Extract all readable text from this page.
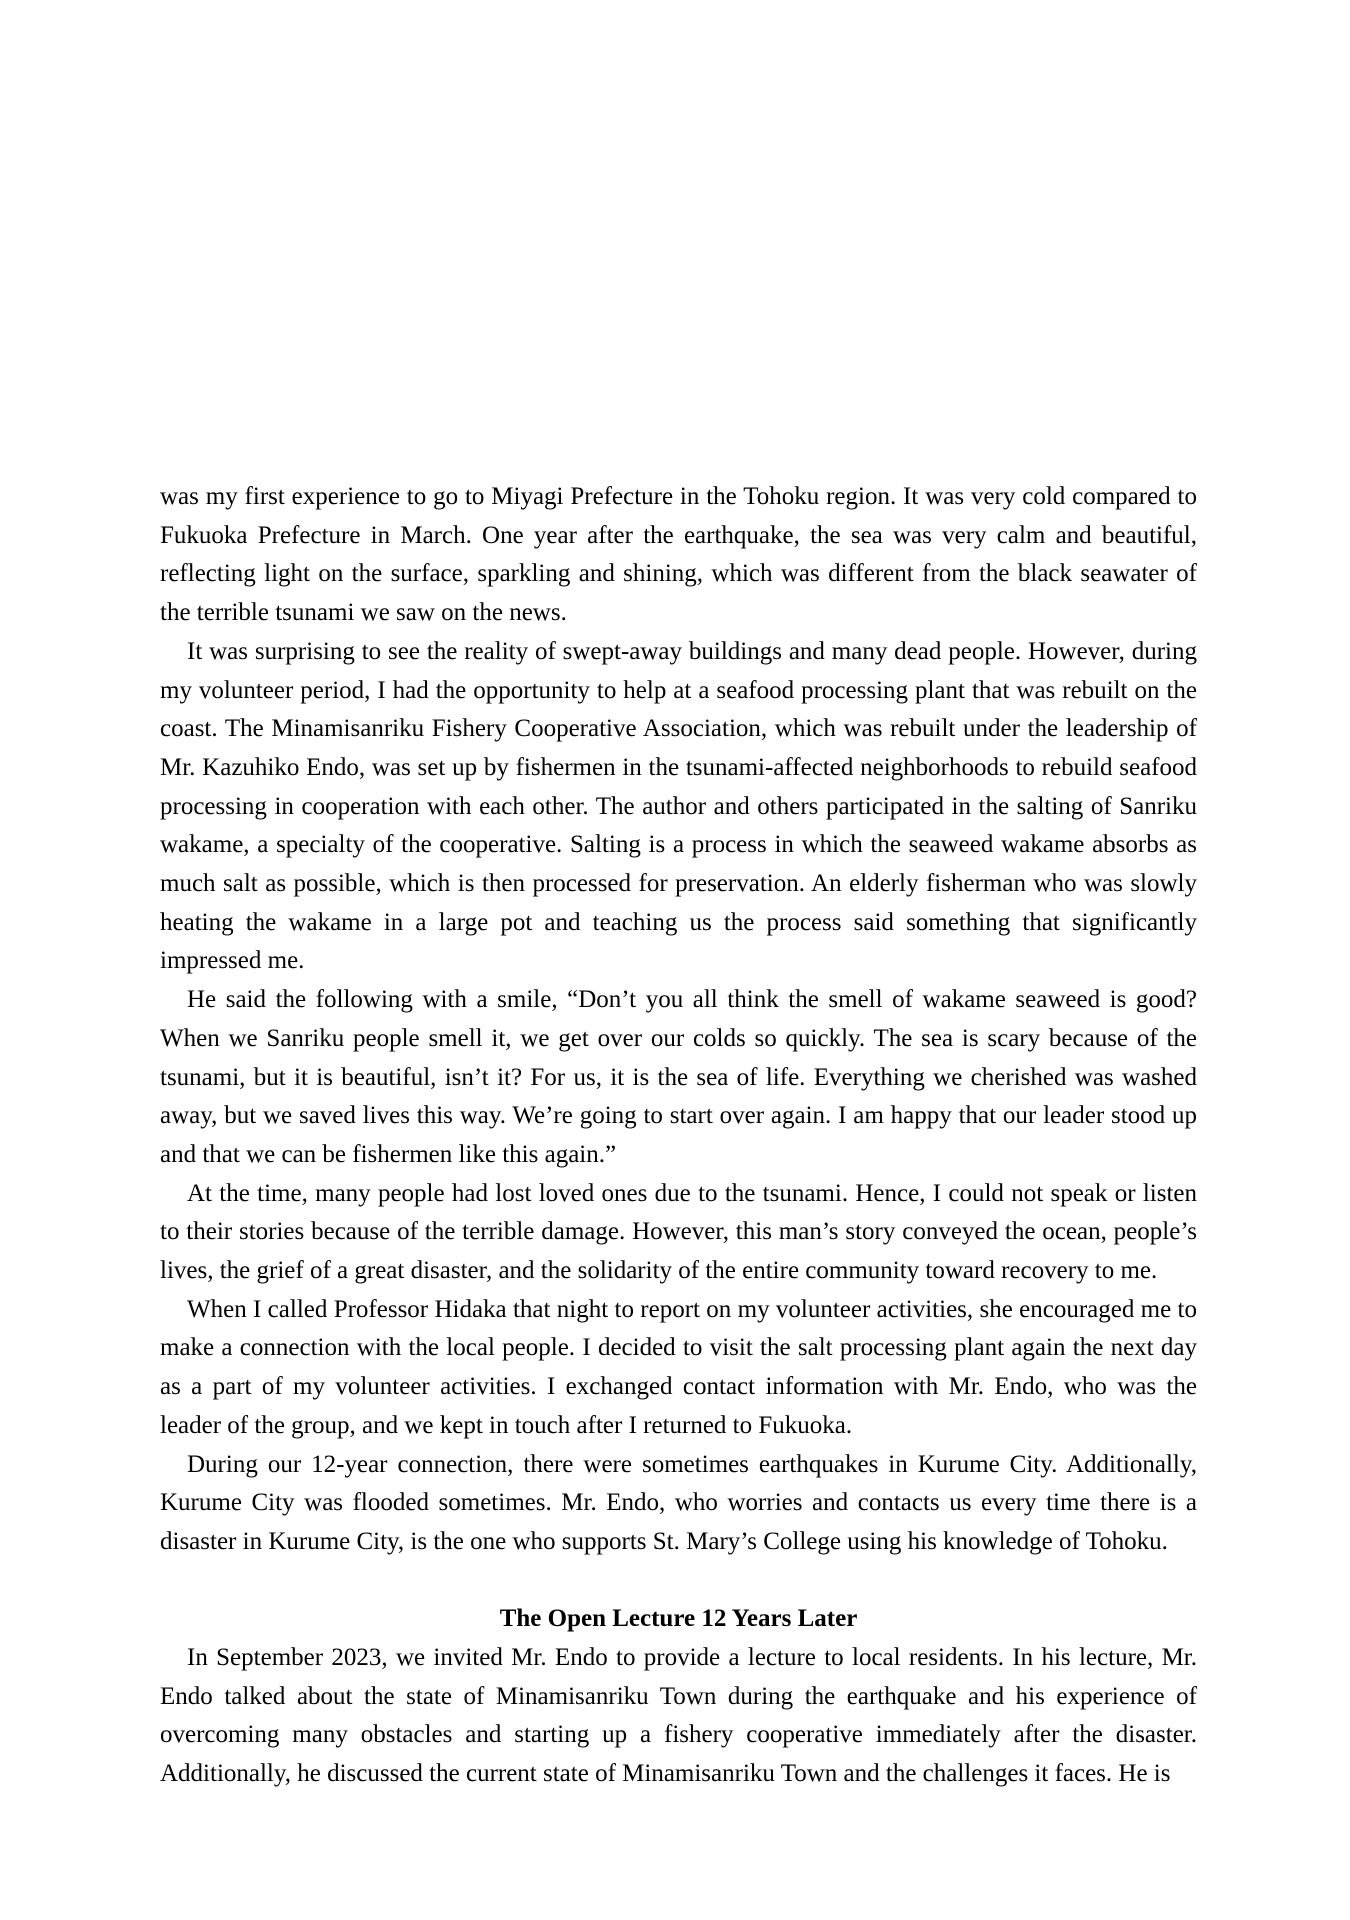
was my first experience to go to Miyagi Prefecture in the Tohoku region. It was very cold compared to Fukuoka Prefecture in March. One year after the earthquake, the sea was very calm and beautiful, reflecting light on the surface, sparkling and shining, which was different from the black seawater of the terrible tsunami we saw on the news.

It was surprising to see the reality of swept-away buildings and many dead people. However, during my volunteer period, I had the opportunity to help at a seafood processing plant that was rebuilt on the coast. The Minamisanriku Fishery Cooperative Association, which was rebuilt under the leadership of Mr. Kazuhiko Endo, was set up by fishermen in the tsunami-affected neighborhoods to rebuild seafood processing in cooperation with each other. The author and others participated in the salting of Sanriku wakame, a specialty of the cooperative. Salting is a process in which the seaweed wakame absorbs as much salt as possible, which is then processed for preservation. An elderly fisherman who was slowly heating the wakame in a large pot and teaching us the process said something that significantly impressed me.

He said the following with a smile, “Don’t you all think the smell of wakame seaweed is good? When we Sanriku people smell it, we get over our colds so quickly. The sea is scary because of the tsunami, but it is beautiful, isn’t it? For us, it is the sea of life. Everything we cherished was washed away, but we saved lives this way. We’re going to start over again. I am happy that our leader stood up and that we can be fishermen like this again.”

At the time, many people had lost loved ones due to the tsunami. Hence, I could not speak or listen to their stories because of the terrible damage. However, this man’s story conveyed the ocean, people’s lives, the grief of a great disaster, and the solidarity of the entire community toward recovery to me.

When I called Professor Hidaka that night to report on my volunteer activities, she encouraged me to make a connection with the local people. I decided to visit the salt processing plant again the next day as a part of my volunteer activities. I exchanged contact information with Mr. Endo, who was the leader of the group, and we kept in touch after I returned to Fukuoka.

During our 12-year connection, there were sometimes earthquakes in Kurume City. Additionally, Kurume City was flooded sometimes. Mr. Endo, who worries and contacts us every time there is a disaster in Kurume City, is the one who supports St. Mary’s College using his knowledge of Tohoku.

The Open Lecture 12 Years Later

In September 2023, we invited Mr. Endo to provide a lecture to local residents. In his lecture, Mr. Endo talked about the state of Minamisanriku Town during the earthquake and his experience of overcoming many obstacles and starting up a fishery cooperative immediately after the disaster. Additionally, he discussed the current state of Minamisanriku Town and the challenges it faces. He is
